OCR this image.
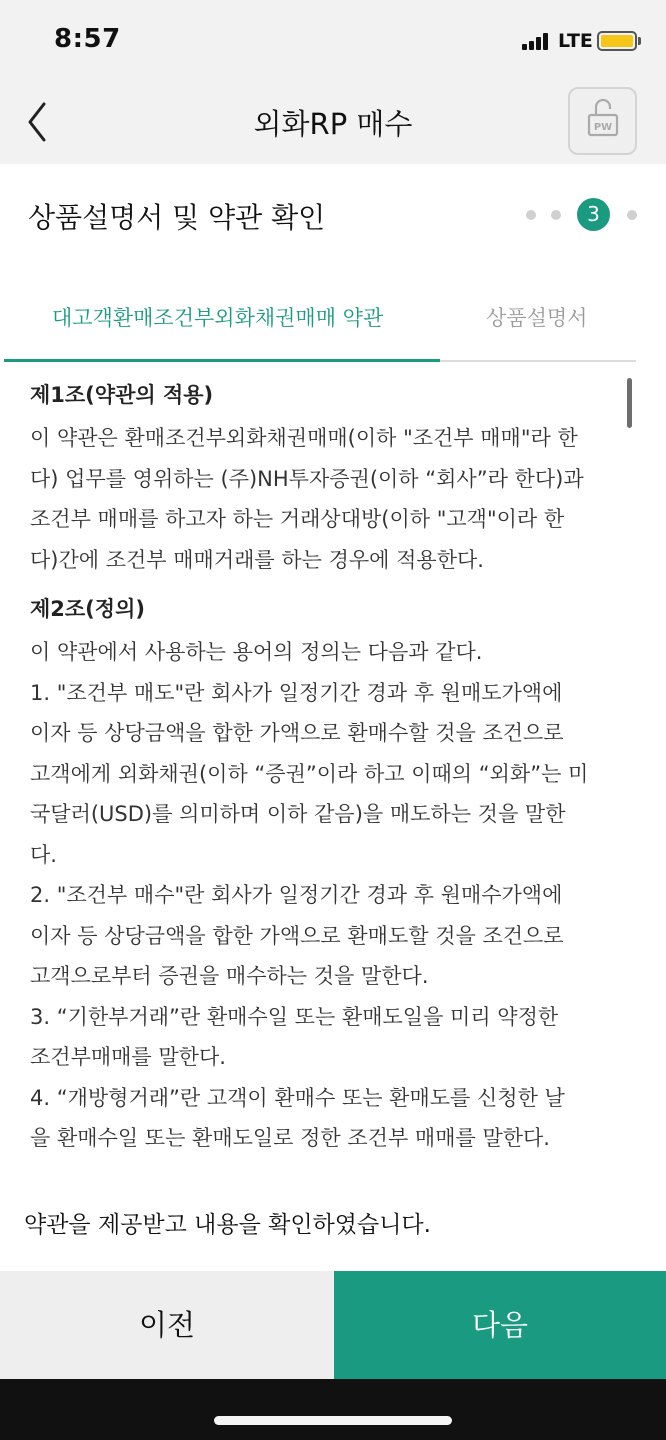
8:57	LTE
외화RP 매수	PW
상품설명서 및 약관 확인	3
대고객환매조건부외화채권매매 약관	상품설명서
제1조(약관의 적용)

이 약관은 환매조건부외화채권매매(이하 "조건부 매매"라 한

다) 업무를 영위하는 (주)NH투자증권(이하 “회사”라 한다)과

조건부 매매를 하고자 하는 거래상대방(이하 "고객"이라 한

다)간에 조건부 매매거래를 하는 경우에 적용한다.

제2조(정의)

이 약관에서 사용하는 용어의 정의는 다음과 같다.

1. "조건부 매도"란 회사가 일정기간 경과 후 원매도가액에

이자 등 상당금액을 합한 가액으로 환매수할 것을 조건으로

고객에게 외화채권(이하 “증권”이라 하고 이때의 “외화”는 미

국달러(USD)를 의미하며 이하 같음)을 매도하는 것을 말한

다.

2. "조건부 매수"란 회사가 일정기간 경과 후 원매수가액에

이자 등 상당금액을 합한 가액으로 환매도할 것을 조건으로

고객으로부터 증권을 매수하는 것을 말한다.

3. “기한부거래”란 환매수일 또는 환매도일을 미리 약정한

조건부매매를 말한다.

4. “개방형거래”란 고객이 환매수 또는 환매도를 신청한 날

을 환매수일 또는 환매도일로 정한 조건부 매매를 말한다.

약관을 제공받고 내용을 확인하였습니다.
이전	다음
